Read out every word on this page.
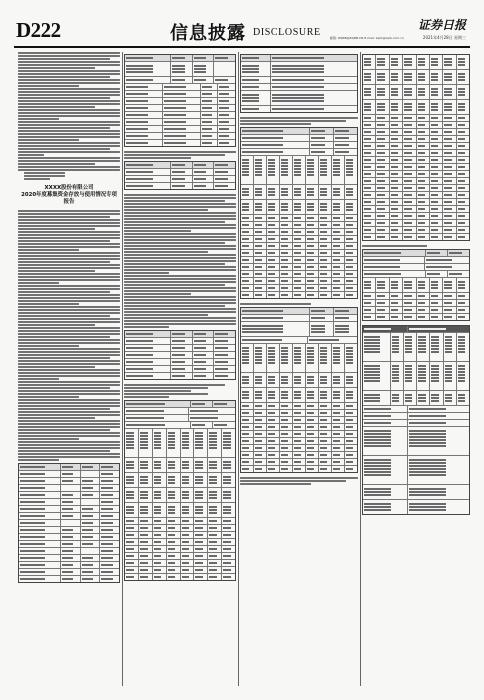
D222	信息披露 DISCLOSURE
证券日报
邮箱: ZQRB@ZQRB.CN E-mail: zqrb@zqrb.com.cn	2021年4月28日 星期三
XXXX股份有限公司
2020年度募集资金存放与使用情况专项
报告
